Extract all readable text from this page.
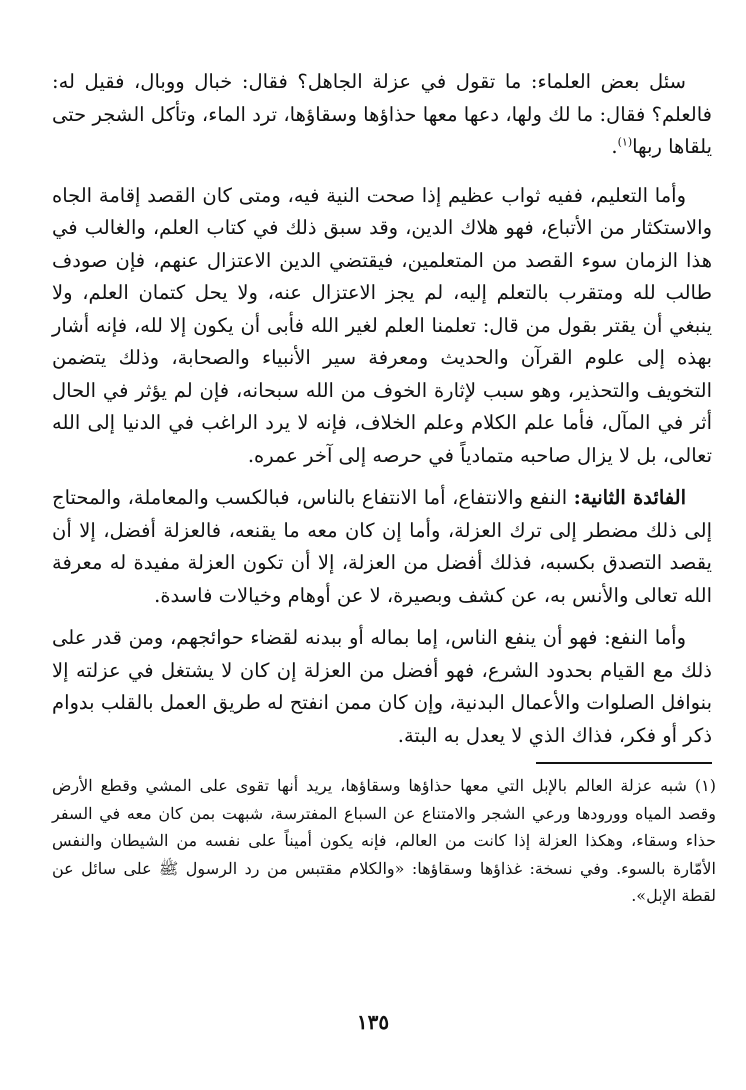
سئل بعض العلماء: ما تقول في عزلة الجاهل؟ فقال: خبال ووبال، فقيل له: فالعلم؟ فقال: ما لك ولها، دعها معها حذاؤها وسقاؤها، ترد الماء، وتأكل الشجر حتى يلقاها ربها$^{(١)}$.

وأما التعليم، ففيه ثواب عظيم إذا صحت النية فيه، ومتى كان القصد إقامة الجاه والاستكثار من الأتباع، فهو هلاك الدين، وقد سبق ذلك في كتاب العلم، والغالب في هذا الزمان سوء القصد من المتعلمين، فيقتضي الدين الاعتزال عنهم، فإن صودف طالب لله ومتقرب بالتعلم إليه، لم يجز الاعتزال عنه، ولا يحل كتمان العلم، ولا ينبغي أن يقتر بقول من قال: تعلمنا العلم لغير الله فأبى أن يكون إلا لله، فإنه أشار بهذه إلى علوم القرآن والحديث ومعرفة سير الأنبياء والصحابة، وذلك يتضمن التخويف والتحذير، وهو سبب لإثارة الخوف من الله سبحانه، فإن لم يؤثر في الحال أثر في المآل، فأما علم الكلام وعلم الخلاف، فإنه لا يرد الراغب في الدنيا إلى الله تعالى، بل لا يزال صاحبه متمادياً في حرصه إلى آخر عمره.

الفائدة الثانية: النفع والانتفاع، أما الانتفاع بالناس، فبالكسب والمعاملة، والمحتاج إلى ذلك مضطر إلى ترك العزلة، وأما إن كان معه ما يقنعه، فالعزلة أفضل، إلا أن يقصد التصدق بكسبه، فذلك أفضل من العزلة، إلا أن تكون العزلة مفيدة له معرفة الله تعالى والأنس به، عن كشف وبصيرة، لا عن أوهام وخيالات فاسدة.

وأما النفع: فهو أن ينفع الناس، إما بماله أو ببدنه لقضاء حوائجهم، ومن قدر على ذلك مع القيام بحدود الشرع، فهو أفضل من العزلة إن كان لا يشتغل في عزلته إلا بنوافل الصلوات والأعمال البدنية، وإن كان ممن انفتح له طريق العمل بالقلب بدوام ذكر أو فكر، فذاك الذي لا يعدل به البتة.

(١)شبه عزلة العالم بالإبل التي معها حذاؤها وسقاؤها، يريد أنها تقوى على المشي وقطع الأرض وقصد المياه وورودها ورعي الشجر والامتناع عن السباع المفترسة، شبهت بمن كان معه في السفر حذاء وسقاء، وهكذا العزلة إذا كانت من العالم، فإنه يكون أميناً على نفسه من الشيطان والنفس الأمّارة بالسوء. وفي نسخة: غذاؤها وسقاؤها: «والكلام مقتبس من رد الرسول ﷺ على سائل عن لقطة الإبل».
١٣٥
